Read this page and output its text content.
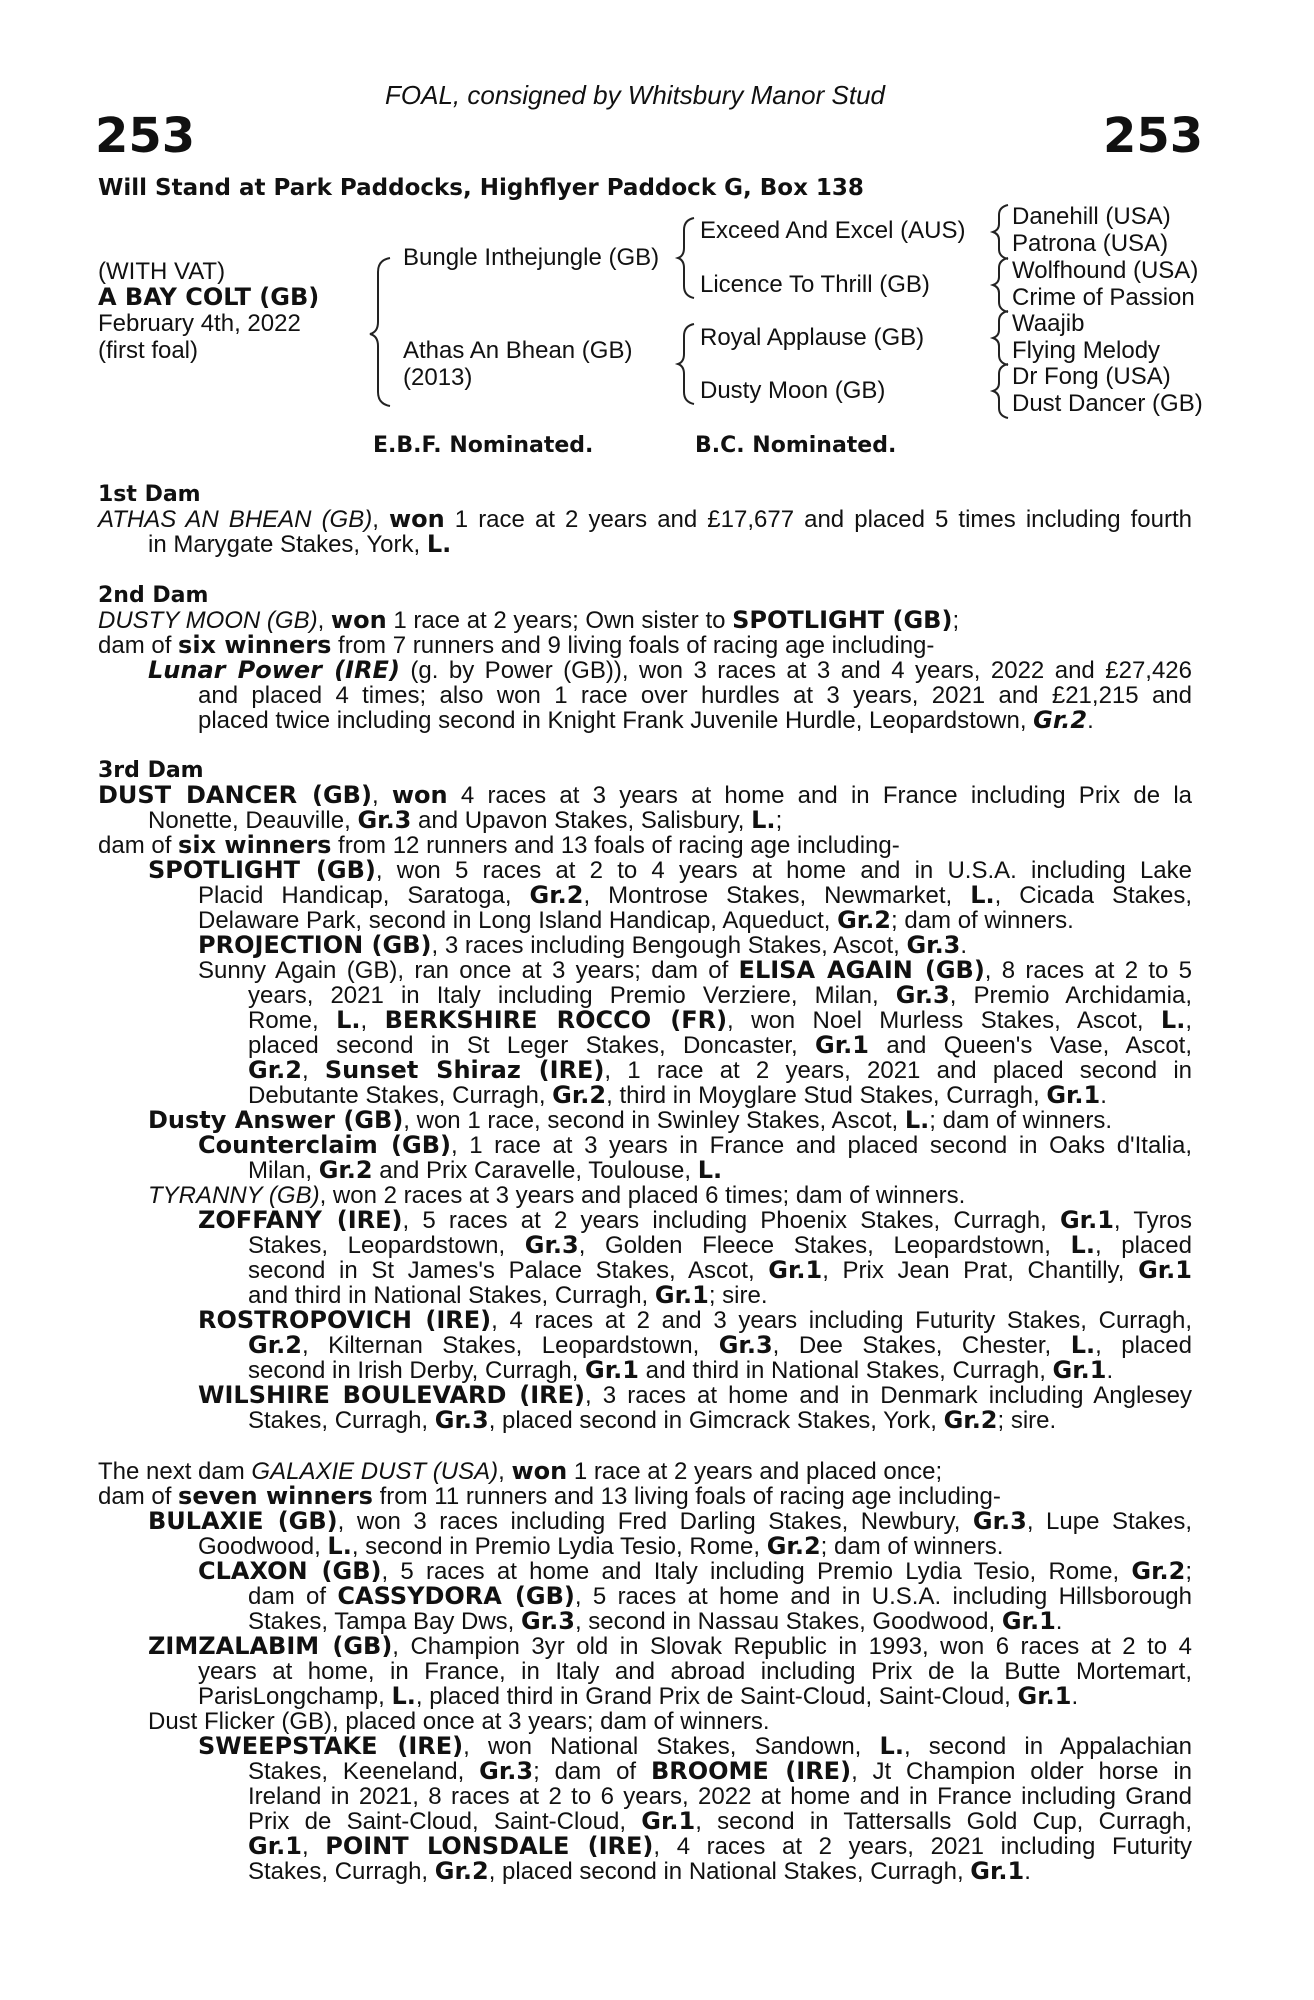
FOAL, consigned by Whitsbury Manor Stud
253	253
Will Stand at Park Paddocks, Highflyer Paddock G, Box 138
(WITH VAT)
A BAY COLT (GB)
February 4th, 2022
(first foal)
Bungle Inthejungle (GB)
Athas An Bhean (GB)
(2013)
Exceed And Excel (AUS)
Licence To Thrill (GB)
Royal Applause (GB)
Dusty Moon (GB)
Danehill (USA)
Patrona (USA)
Wolfhound (USA)
Crime of Passion
Waajib
Flying Melody
Dr Fong (USA)
Dust Dancer (GB)
E.B.F. Nominated.	B.C. Nominated.
1st Dam
ATHAS AN BHEAN (GB), won 1 race at 2 years and £17,677 and placed 5 times including fourth
in Marygate Stakes, York, L.
2nd Dam
DUSTY MOON (GB), won 1 race at 2 years; Own sister to SPOTLIGHT (GB);
dam of six winners from 7 runners and 9 living foals of racing age including-
Lunar Power (IRE) (g. by Power (GB)), won 3 races at 3 and 4 years, 2022 and £27,426
and placed 4 times; also won 1 race over hurdles at 3 years, 2021 and £21,215 and
placed twice including second in Knight Frank Juvenile Hurdle, Leopardstown, Gr.2.
3rd Dam
DUST DANCER (GB), won 4 races at 3 years at home and in France including Prix de la
Nonette, Deauville, Gr.3 and Upavon Stakes, Salisbury, L.;
dam of six winners from 12 runners and 13 foals of racing age including-
SPOTLIGHT (GB), won 5 races at 2 to 4 years at home and in U.S.A. including Lake
Placid Handicap, Saratoga, Gr.2, Montrose Stakes, Newmarket, L., Cicada Stakes,
Delaware Park, second in Long Island Handicap, Aqueduct, Gr.2; dam of winners.
PROJECTION (GB), 3 races including Bengough Stakes, Ascot, Gr.3.
Sunny Again (GB), ran once at 3 years; dam of ELISA AGAIN (GB), 8 races at 2 to 5
years, 2021 in Italy including Premio Verziere, Milan, Gr.3, Premio Archidamia,
Rome, L., BERKSHIRE ROCCO (FR), won Noel Murless Stakes, Ascot, L.,
placed second in St Leger Stakes, Doncaster, Gr.1 and Queen's Vase, Ascot,
Gr.2, Sunset Shiraz (IRE), 1 race at 2 years, 2021 and placed second in
Debutante Stakes, Curragh, Gr.2, third in Moyglare Stud Stakes, Curragh, Gr.1.
Dusty Answer (GB), won 1 race, second in Swinley Stakes, Ascot, L.; dam of winners.
Counterclaim (GB), 1 race at 3 years in France and placed second in Oaks d'Italia,
Milan, Gr.2 and Prix Caravelle, Toulouse, L.
TYRANNY (GB), won 2 races at 3 years and placed 6 times; dam of winners.
ZOFFANY (IRE), 5 races at 2 years including Phoenix Stakes, Curragh, Gr.1, Tyros
Stakes, Leopardstown, Gr.3, Golden Fleece Stakes, Leopardstown, L., placed
second in St James's Palace Stakes, Ascot, Gr.1, Prix Jean Prat, Chantilly, Gr.1
and third in National Stakes, Curragh, Gr.1; sire.
ROSTROPOVICH (IRE), 4 races at 2 and 3 years including Futurity Stakes, Curragh,
Gr.2, Kilternan Stakes, Leopardstown, Gr.3, Dee Stakes, Chester, L., placed
second in Irish Derby, Curragh, Gr.1 and third in National Stakes, Curragh, Gr.1.
WILSHIRE BOULEVARD (IRE), 3 races at home and in Denmark including Anglesey
Stakes, Curragh, Gr.3, placed second in Gimcrack Stakes, York, Gr.2; sire.
The next dam GALAXIE DUST (USA), won 1 race at 2 years and placed once;
dam of seven winners from 11 runners and 13 living foals of racing age including-
BULAXIE (GB), won 3 races including Fred Darling Stakes, Newbury, Gr.3, Lupe Stakes,
Goodwood, L., second in Premio Lydia Tesio, Rome, Gr.2; dam of winners.
CLAXON (GB), 5 races at home and Italy including Premio Lydia Tesio, Rome, Gr.2;
dam of CASSYDORA (GB), 5 races at home and in U.S.A. including Hillsborough
Stakes, Tampa Bay Dws, Gr.3, second in Nassau Stakes, Goodwood, Gr.1.
ZIMZALABIM (GB), Champion 3yr old in Slovak Republic in 1993, won 6 races at 2 to 4
years at home, in France, in Italy and abroad including Prix de la Butte Mortemart,
ParisLongchamp, L., placed third in Grand Prix de Saint-Cloud, Saint-Cloud, Gr.1.
Dust Flicker (GB), placed once at 3 years; dam of winners.
SWEEPSTAKE (IRE), won National Stakes, Sandown, L., second in Appalachian
Stakes, Keeneland, Gr.3; dam of BROOME (IRE), Jt Champion older horse in
Ireland in 2021, 8 races at 2 to 6 years, 2022 at home and in France including Grand
Prix de Saint-Cloud, Saint-Cloud, Gr.1, second in Tattersalls Gold Cup, Curragh,
Gr.1, POINT LONSDALE (IRE), 4 races at 2 years, 2021 including Futurity
Stakes, Curragh, Gr.2, placed second in National Stakes, Curragh, Gr.1.
